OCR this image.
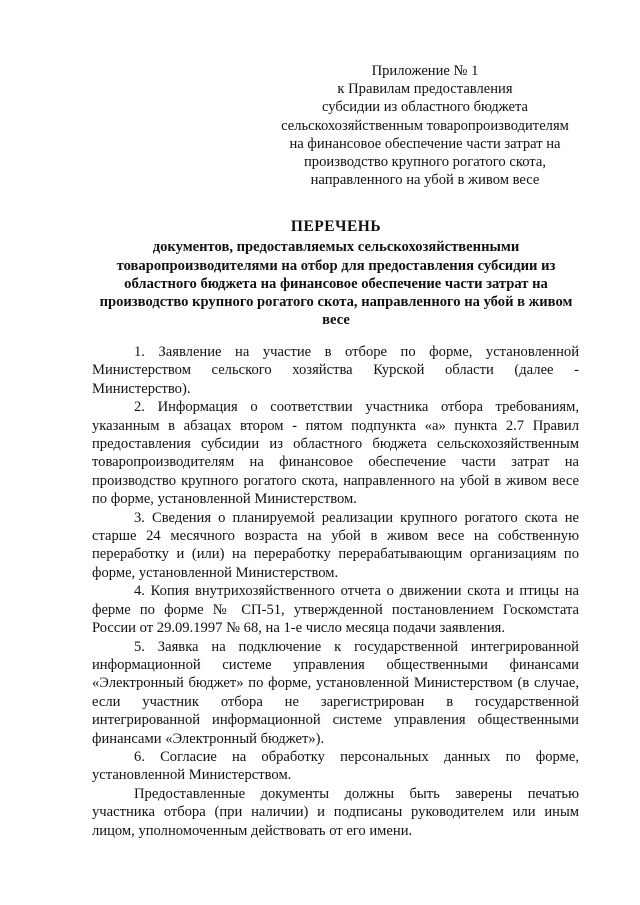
Приложение № 1
к Правилам предоставления
субсидии из областного бюджета
сельскохозяйственным товаропроизводителям
на финансовое обеспечение части затрат на
производство крупного рогатого скота,
направленного на убой в живом весе
ПЕРЕЧЕНЬ
документов, предоставляемых сельскохозяйственными товаропроизводителями на отбор для предоставления субсидии из областного бюджета на финансовое обеспечение части затрат на производство крупного рогатого скота, направленного на убой в живом весе

1. Заявление на участие в отборе по форме, установленной Министерством сельского хозяйства Курской области (далее - Министерство).

2. Информация о соответствии участника отбора требованиям, указанным в абзацах втором - пятом подпункта «а» пункта 2.7 Правил предоставления субсидии из областного бюджета сельскохозяйственным товаропроизводителям на финансовое обеспечение части затрат на производство крупного рогатого скота, направленного на убой в живом весе по форме, установленной Министерством.

3. Сведения о планируемой реализации крупного рогатого скота не старше 24 месячного возраста на убой в живом весе на собственную переработку и (или) на переработку перерабатывающим организациям по форме, установленной Министерством.

4. Копия внутрихозяйственного отчета о движении скота и птицы на ферме по форме № СП-51, утвержденной постановлением Госкомстата России от 29.09.1997 № 68, на 1-е число месяца подачи заявления.

5. Заявка на подключение к государственной интегрированной информационной системе управления общественными финансами «Электронный бюджет» по форме, установленной Министерством (в случае, если участник отбора не зарегистрирован в государственной интегрированной информационной системе управления общественными финансами «Электронный бюджет»).

6. Согласие на обработку персональных данных по форме, установленной Министерством.

Предоставленные документы должны быть заверены печатью участника отбора (при наличии) и подписаны руководителем или иным лицом, уполномоченным действовать от его имени.
